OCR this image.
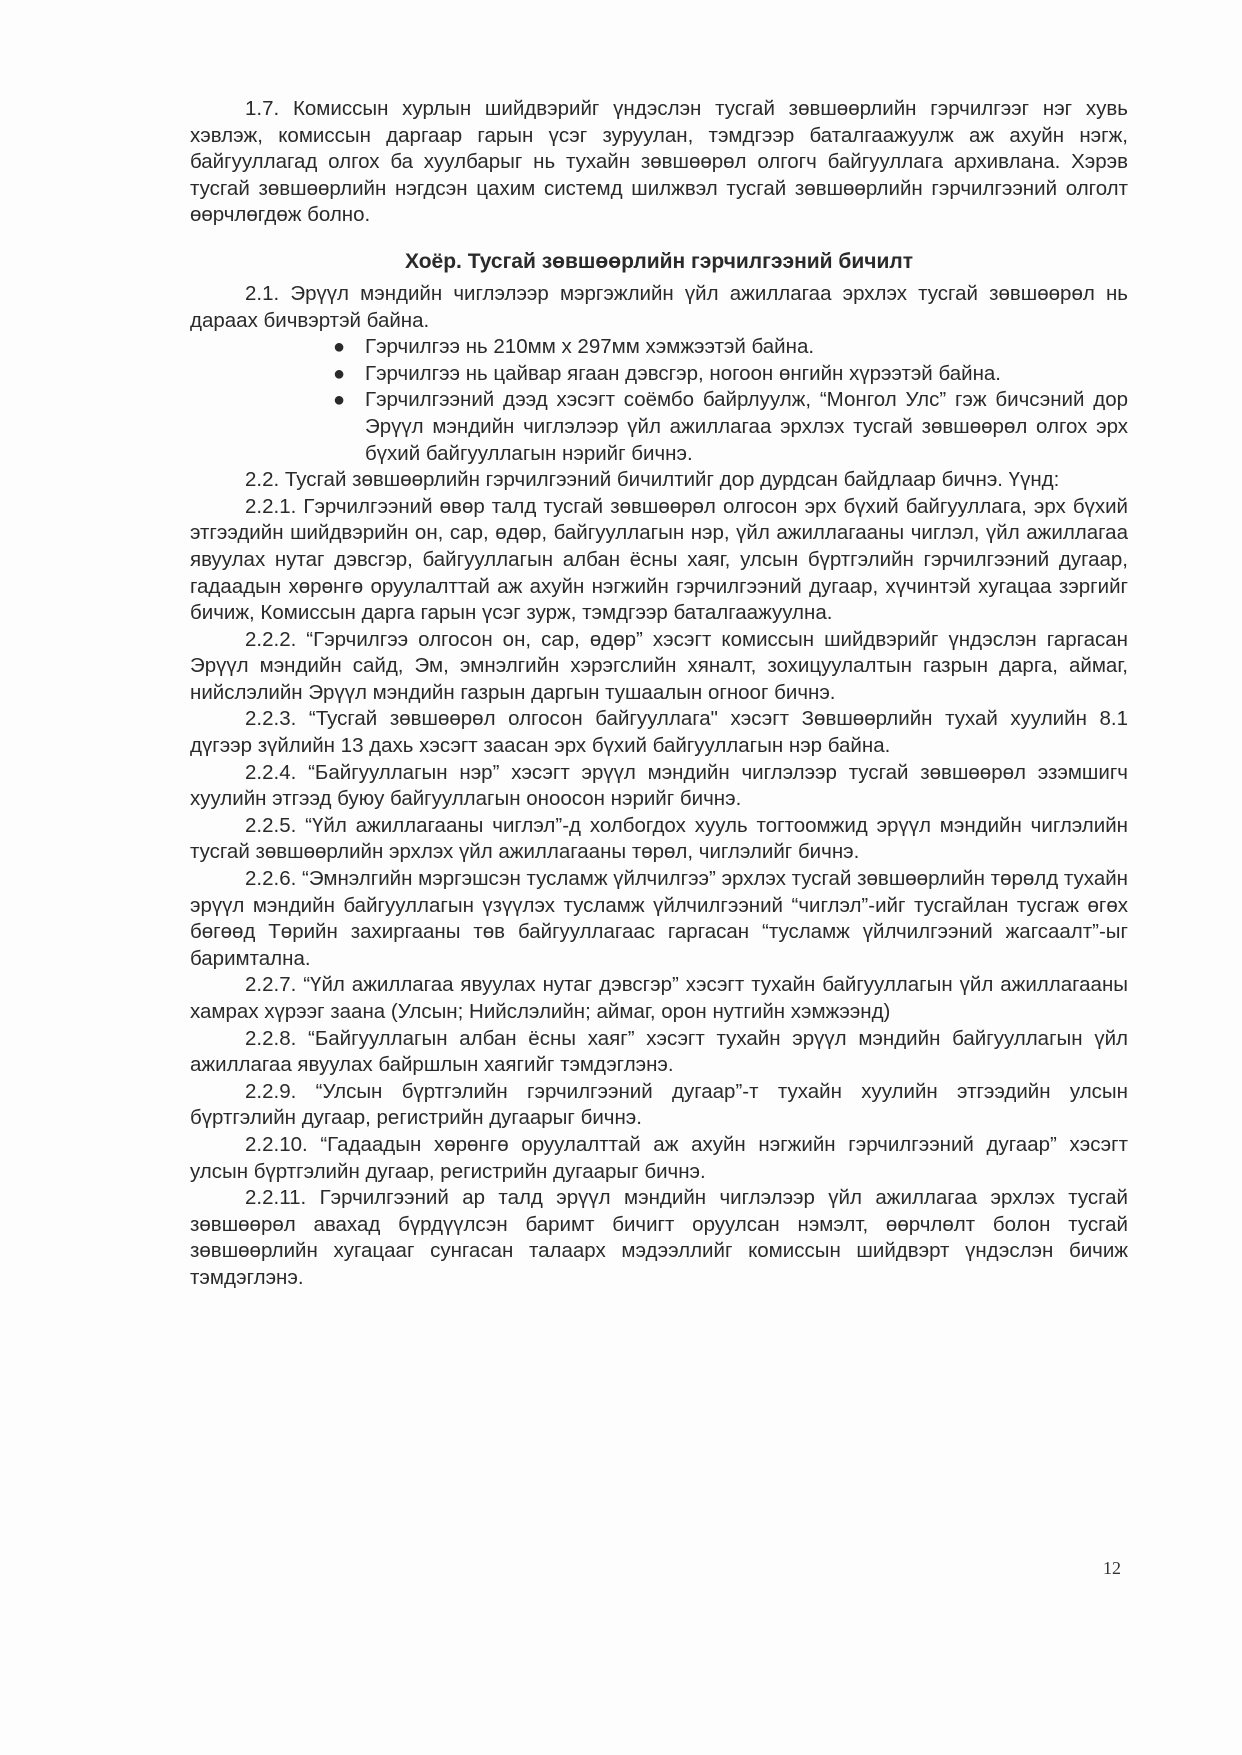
1.7. Комиссын хурлын шийдвэрийг үндэслэн тусгай зөвшөөрлийн гэрчилгээг нэг хувь хэвлэж, комиссын даргаар гарын үсэг зуруулан, тэмдгээр баталгаажуулж аж ахуйн нэгж, байгууллагад олгох ба хуулбарыг нь тухайн зөвшөөрөл олгогч байгууллага архивлана. Хэрэв тусгай зөвшөөрлийн нэгдсэн цахим системд шилжвэл тусгай зөвшөөрлийн гэрчилгээний олголт өөрчлөгдөж болно.

Хоёр. Тусгай зөвшөөрлийн гэрчилгээний бичилт

2.1. Эрүүл мэндийн чиглэлээр мэргэжлийн үйл ажиллагаа эрхлэх тусгай зөвшөөрөл нь дараах бичвэртэй байна.

● Гэрчилгээ нь 210мм х 297мм хэмжээтэй байна.
● Гэрчилгээ нь цайвар ягаан дэвсгэр, ногоон өнгийн хүрээтэй байна.
● Гэрчилгээний дээд хэсэгт соёмбо байрлуулж, “Монгол Улс” гэж бичсэний дор Эрүүл мэндийн чиглэлээр үйл ажиллагаа эрхлэх тусгай зөвшөөрөл олгох эрх бүхий байгууллагын нэрийг бичнэ.

2.2. Тусгай зөвшөөрлийн гэрчилгээний бичилтийг дор дурдсан байдлаар бичнэ. Үүнд:

2.2.1. Гэрчилгээний өвөр талд тусгай зөвшөөрөл олгосон эрх бүхий байгууллага, эрх бүхий этгээдийн шийдвэрийн он, сар, өдөр, байгууллагын нэр, үйл ажиллагааны чиглэл, үйл ажиллагаа явуулах нутаг дэвсгэр, байгууллагын албан ёсны хаяг, улсын бүртгэлийн гэрчилгээний дугаар, гадаадын хөрөнгө оруулалттай аж ахуйн нэгжийн гэрчилгээний дугаар, хүчинтэй хугацаа зэргийг бичиж, Комиссын дарга гарын үсэг зурж, тэмдгээр баталгаажуулна.

2.2.2. “Гэрчилгээ олгосон он, сар, өдөр” хэсэгт комиссын шийдвэрийг үндэслэн гаргасан Эрүүл мэндийн сайд, Эм, эмнэлгийн хэрэгслийн хяналт, зохицуулалтын газрын дарга, аймаг, нийслэлийн Эрүүл мэндийн газрын даргын тушаалын огноог бичнэ.

2.2.3. “Тусгай зөвшөөрөл олгосон байгууллага" хэсэгт Зөвшөөрлийн тухай хуулийн 8.1 дүгээр зүйлийн 13 дахь хэсэгт заасан эрх бүхий байгууллагын нэр байна.

2.2.4. “Байгууллагын нэр” хэсэгт эрүүл мэндийн чиглэлээр тусгай зөвшөөрөл эзэмшигч хуулийн этгээд буюу байгууллагын оноосон нэрийг бичнэ.

2.2.5. “Үйл ажиллагааны чиглэл”-д холбогдох хууль тогтоомжид эрүүл мэндийн чиглэлийн тусгай зөвшөөрлийн эрхлэх үйл ажиллагааны төрөл, чиглэлийг бичнэ.

2.2.6. “Эмнэлгийн мэргэшсэн тусламж үйлчилгээ” эрхлэх тусгай зөвшөөрлийн төрөлд тухайн эрүүл мэндийн байгууллагын үзүүлэх тусламж үйлчилгээний “чиглэл”-ийг тусгайлан тусгаж өгөх бөгөөд Төрийн захиргааны төв байгууллагаас гаргасан “тусламж үйлчилгээний жагсаалт”-ыг баримтална.

2.2.7. “Үйл ажиллагаа явуулах нутаг дэвсгэр” хэсэгт тухайн байгууллагын үйл ажиллагааны хамрах хүрээг заана (Улсын; Нийслэлийн; аймаг, орон нутгийн хэмжээнд)

2.2.8. “Байгууллагын албан ёсны хаяг” хэсэгт тухайн эрүүл мэндийн байгууллагын үйл ажиллагаа явуулах байршлын хаягийг тэмдэглэнэ.

2.2.9. “Улсын бүртгэлийн гэрчилгээний дугаар”-т тухайн хуулийн этгээдийн улсын бүртгэлийн дугаар, регистрийн дугаарыг бичнэ.

2.2.10. “Гадаадын хөрөнгө оруулалттай аж ахуйн нэгжийн гэрчилгээний дугаар” хэсэгт улсын бүртгэлийн дугаар, регистрийн дугаарыг бичнэ.

2.2.11. Гэрчилгээний ар талд эрүүл мэндийн чиглэлээр үйл ажиллагаа эрхлэх тусгай зөвшөөрөл авахад бүрдүүлсэн баримт бичигт оруулсан нэмэлт, өөрчлөлт болон тусгай зөвшөөрлийн хугацааг сунгасан талаарх мэдээллийг комиссын шийдвэрт үндэслэн бичиж тэмдэглэнэ.

12
